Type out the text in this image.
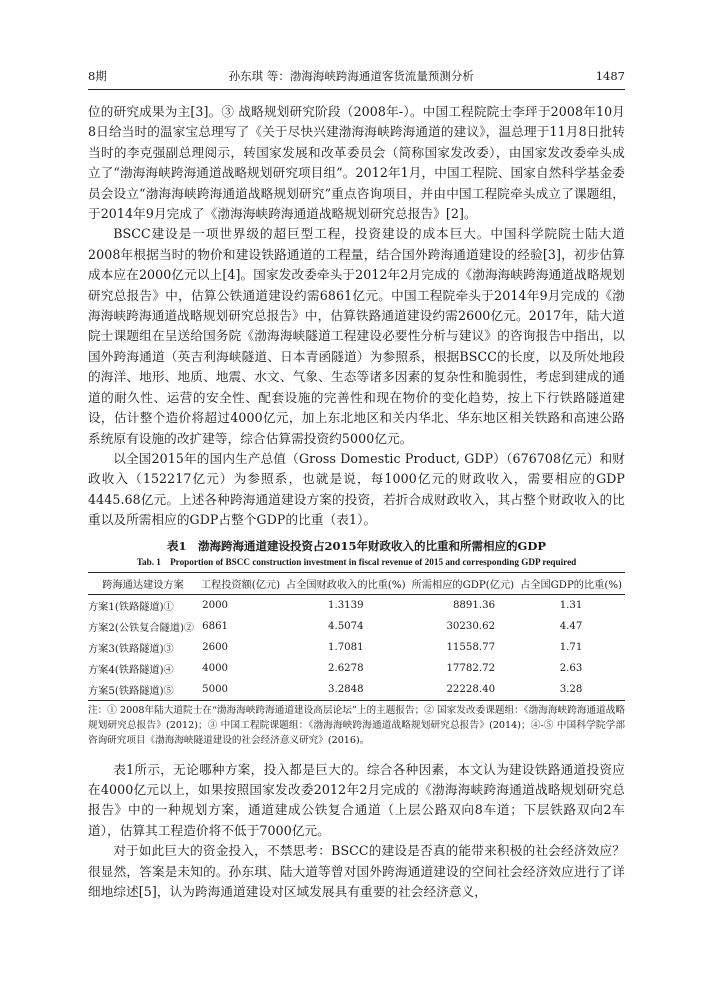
8期	孙东琪 等：渤海海峡跨海通道客货流量预测分析	1487

位的研究成果为主[3]。③ 战略规划研究阶段（2008年-）。中国工程院院士李玶于2008年10月8日给当时的温家宝总理写了《关于尽快兴建渤海海峡跨海通道的建议》，温总理于11月8日批转当时的李克强副总理阅示，转国家发展和改革委员会（简称国家发改委），由国家发改委牵头成立了“渤海海峡跨海通道战略规划研究项目组”。2012年1月，中国工程院、国家自然科学基金委员会设立“渤海海峡跨海通道战略规划研究”重点咨询项目，并由中国工程院牵头成立了课题组，于2014年9月完成了《渤海海峡跨海通道战略规划研究总报告》[2]。

BSCC建设是一项世界级的超巨型工程，投资建设的成本巨大。中国科学院院士陆大道2008年根据当时的物价和建设铁路通道的工程量，结合国外跨海通道建设的经验[3]，初步估算成本应在2000亿元以上[4]。国家发改委牵头于2012年2月完成的《渤海海峡跨海通道战略规划研究总报告》中，估算公铁通道建设约需6861亿元。中国工程院牵头于2014年9月完成的《渤海海峡跨海通道战略规划研究总报告》中，估算铁路通道建设约需2600亿元。2017年，陆大道院士课题组在呈送给国务院《渤海海峡隧道工程建设必要性分析与建议》的咨询报告中指出，以国外跨海通道（英吉利海峡隧道、日本青函隧道）为参照系，根据BSCC的长度，以及所处地段的海洋、地形、地质、地震、水文、气象、生态等诸多因素的复杂性和脆弱性，考虑到建成的通道的耐久性、运营的安全性、配套设施的完善性和现在物价的变化趋势，按上下行铁路隧道建设，估计整个造价将超过4000亿元，加上东北地区和关内华北、华东地区相关铁路和高速公路系统原有设施的改扩建等，综合估算需投资约5000亿元。

以全国2015年的国内生产总值（Gross Domestic Product, GDP）（676708亿元）和财政收入（152217亿元）为参照系，也就是说，每1000亿元的财政收入，需要相应的GDP 4445.68亿元。上述各种跨海通道建设方案的投资，若折合成财政收入，其占整个财政收入的比重以及所需相应的GDP占整个GDP的比重（表1）。

表1　渤海跨海通道建设投资占2015年财政收入的比重和所需相应的GDP
Tab. 1　Proportion of BSCC construction investment in fiscal revenue of 2015 and corresponding GDP required
跨海通达建设方案	工程投资额(亿元)	占全国财政收入的比重(%)	所需相应的GDP(亿元)	占全国GDP的比重(%)
方案1(铁路隧道)①	2000	1.3139	8891.36	1.31
方案2(公铁复合隧道)②	6861	4.5074	30230.62	4.47
方案3(铁路隧道)③	2600	1.7081	11558.77	1.71
方案4(铁路隧道)④	4000	2.6278	17782.72	2.63
方案5(铁路隧道)⑤	5000	3.2848	22228.40	3.28
注：① 2008年陆大道院士在“渤海海峡跨海通道建设高层论坛”上的主题报告；② 国家发改委课题组：《渤海海峡跨海通道战略规划研究总报告》(2012)；③ 中国工程院课题组：《渤海海峡跨海通道战略规划研究总报告》(2014)；④-⑤ 中国科学院学部咨询研究项目《渤海海峡隧道建设的社会经济意义研究》(2016)。

表1所示，无论哪种方案，投入都是巨大的。综合各种因素，本文认为建设铁路通道投资应在4000亿元以上，如果按照国家发改委2012年2月完成的《渤海海峡跨海通道战略规划研究总报告》中的一种规划方案，通道建成公铁复合通道（上层公路双向8车道；下层铁路双向2车道），估算其工程造价将不低于7000亿元。

对于如此巨大的资金投入，不禁思考：BSCC的建设是否真的能带来积极的社会经济效应？很显然，答案是未知的。孙东琪、陆大道等曾对国外跨海通道建设的空间社会经济效应进行了详细地综述[5]，认为跨海通道建设对区域发展具有重要的社会经济意义，
